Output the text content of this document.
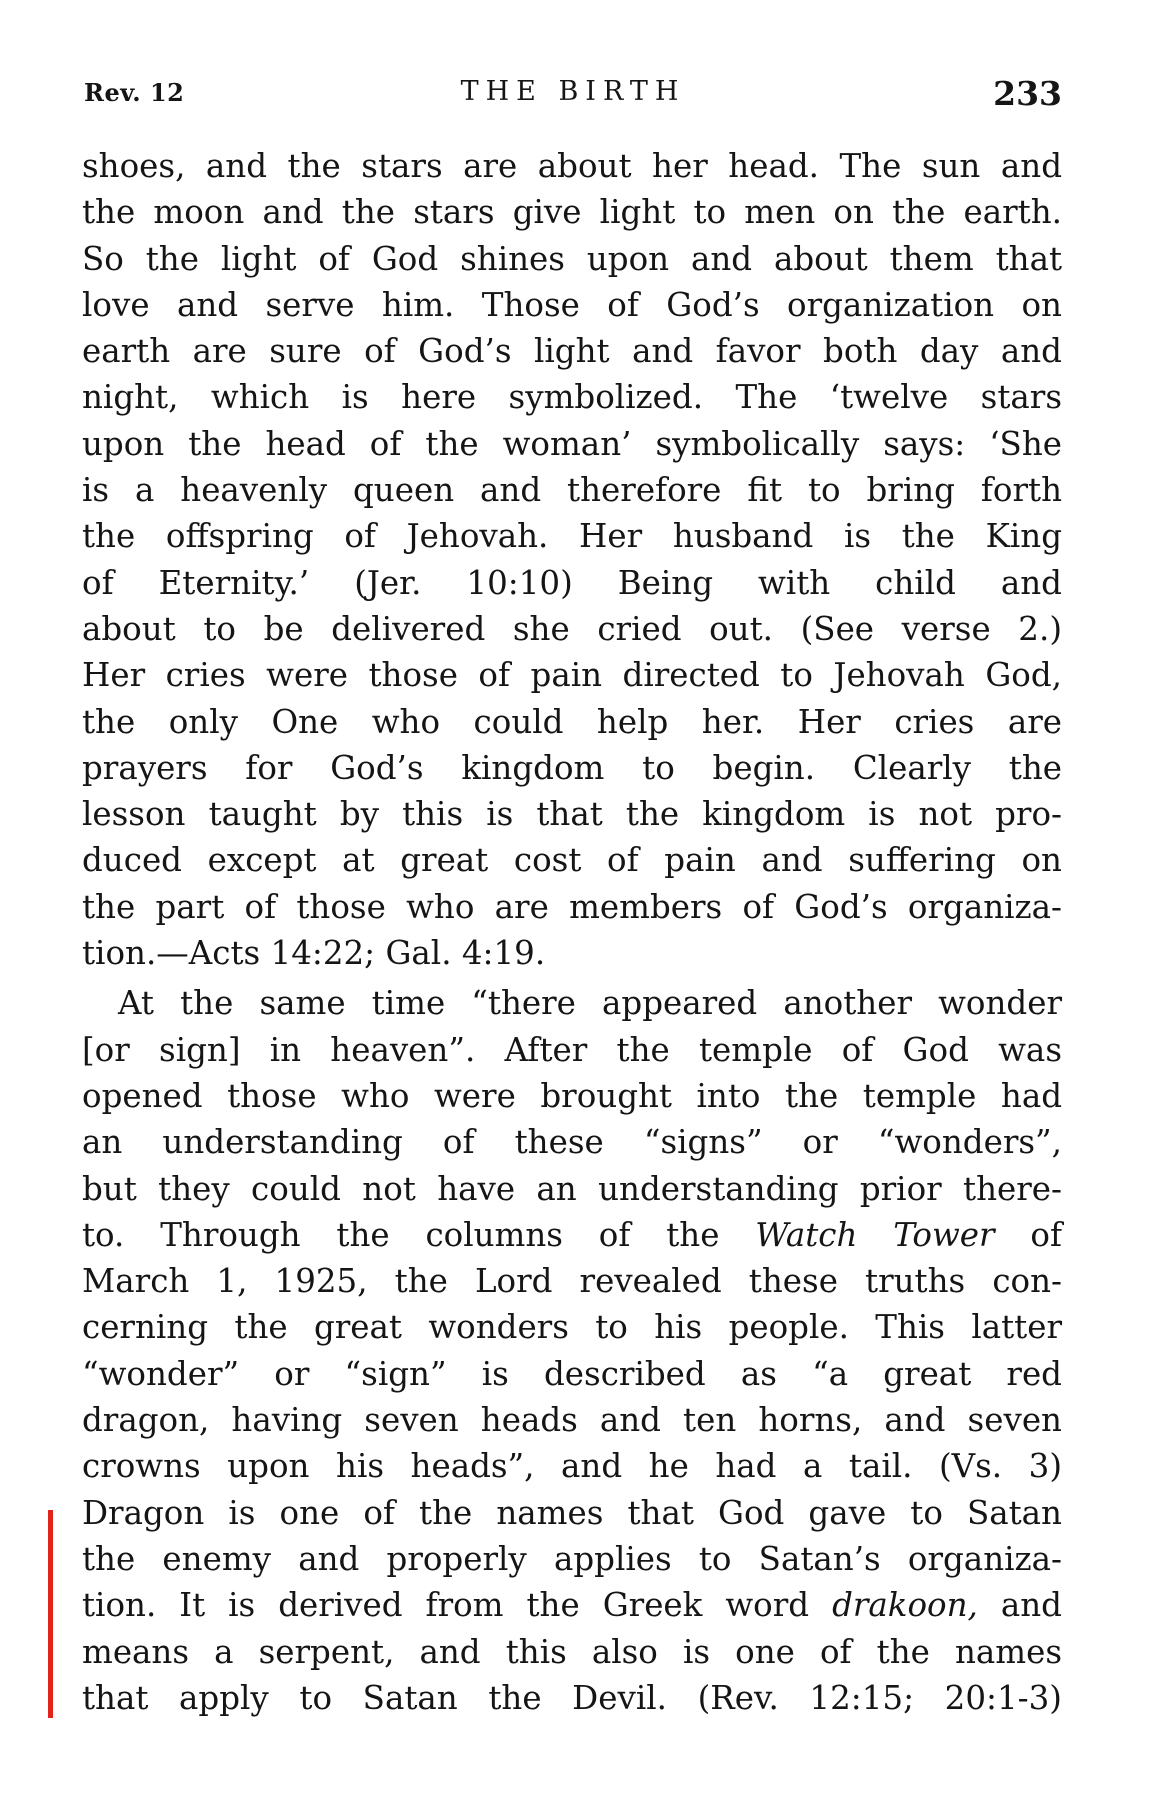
Rev. 12	THE BIRTH	233
shoes, and the stars are about her head. The sun and
the moon and the stars give light to men on the earth.
So the light of God shines upon and about them that
love and serve him. Those of God’s organization on
earth are sure of God’s light and favor both day and
night, which is here symbolized. The ‘twelve stars
upon the head of the woman’ symbolically says: ‘She
is a heavenly queen and therefore fit to bring forth
the offspring of Jehovah. Her husband is the King
of Eternity.’ (Jer. 10:10) Being with child and
about to be delivered she cried out. (See verse 2.)
Her cries were those of pain directed to Jehovah God,
the only One who could help her. Her cries are
prayers for God’s kingdom to begin. Clearly the
lesson taught by this is that the kingdom is not pro-
duced except at great cost of pain and suffering on
the part of those who are members of God’s organiza-
tion.—Acts 14:22; Gal. 4:19.
At the same time “there appeared another wonder
[or sign] in heaven”. After the temple of God was
opened those who were brought into the temple had
an understanding of these “signs” or “wonders”,
but they could not have an understanding prior there-
to. Through the columns of the Watch Tower of
March 1, 1925, the Lord revealed these truths con-
cerning the great wonders to his people. This latter
“wonder” or “sign” is described as “a great red
dragon, having seven heads and ten horns, and seven
crowns upon his heads”, and he had a tail. (Vs. 3)
Dragon is one of the names that God gave to Satan
the enemy and properly applies to Satan’s organiza-
tion. It is derived from the Greek word drakoon, and
means a serpent, and this also is one of the names
that apply to Satan the Devil. (Rev. 12:15; 20:1-3)
